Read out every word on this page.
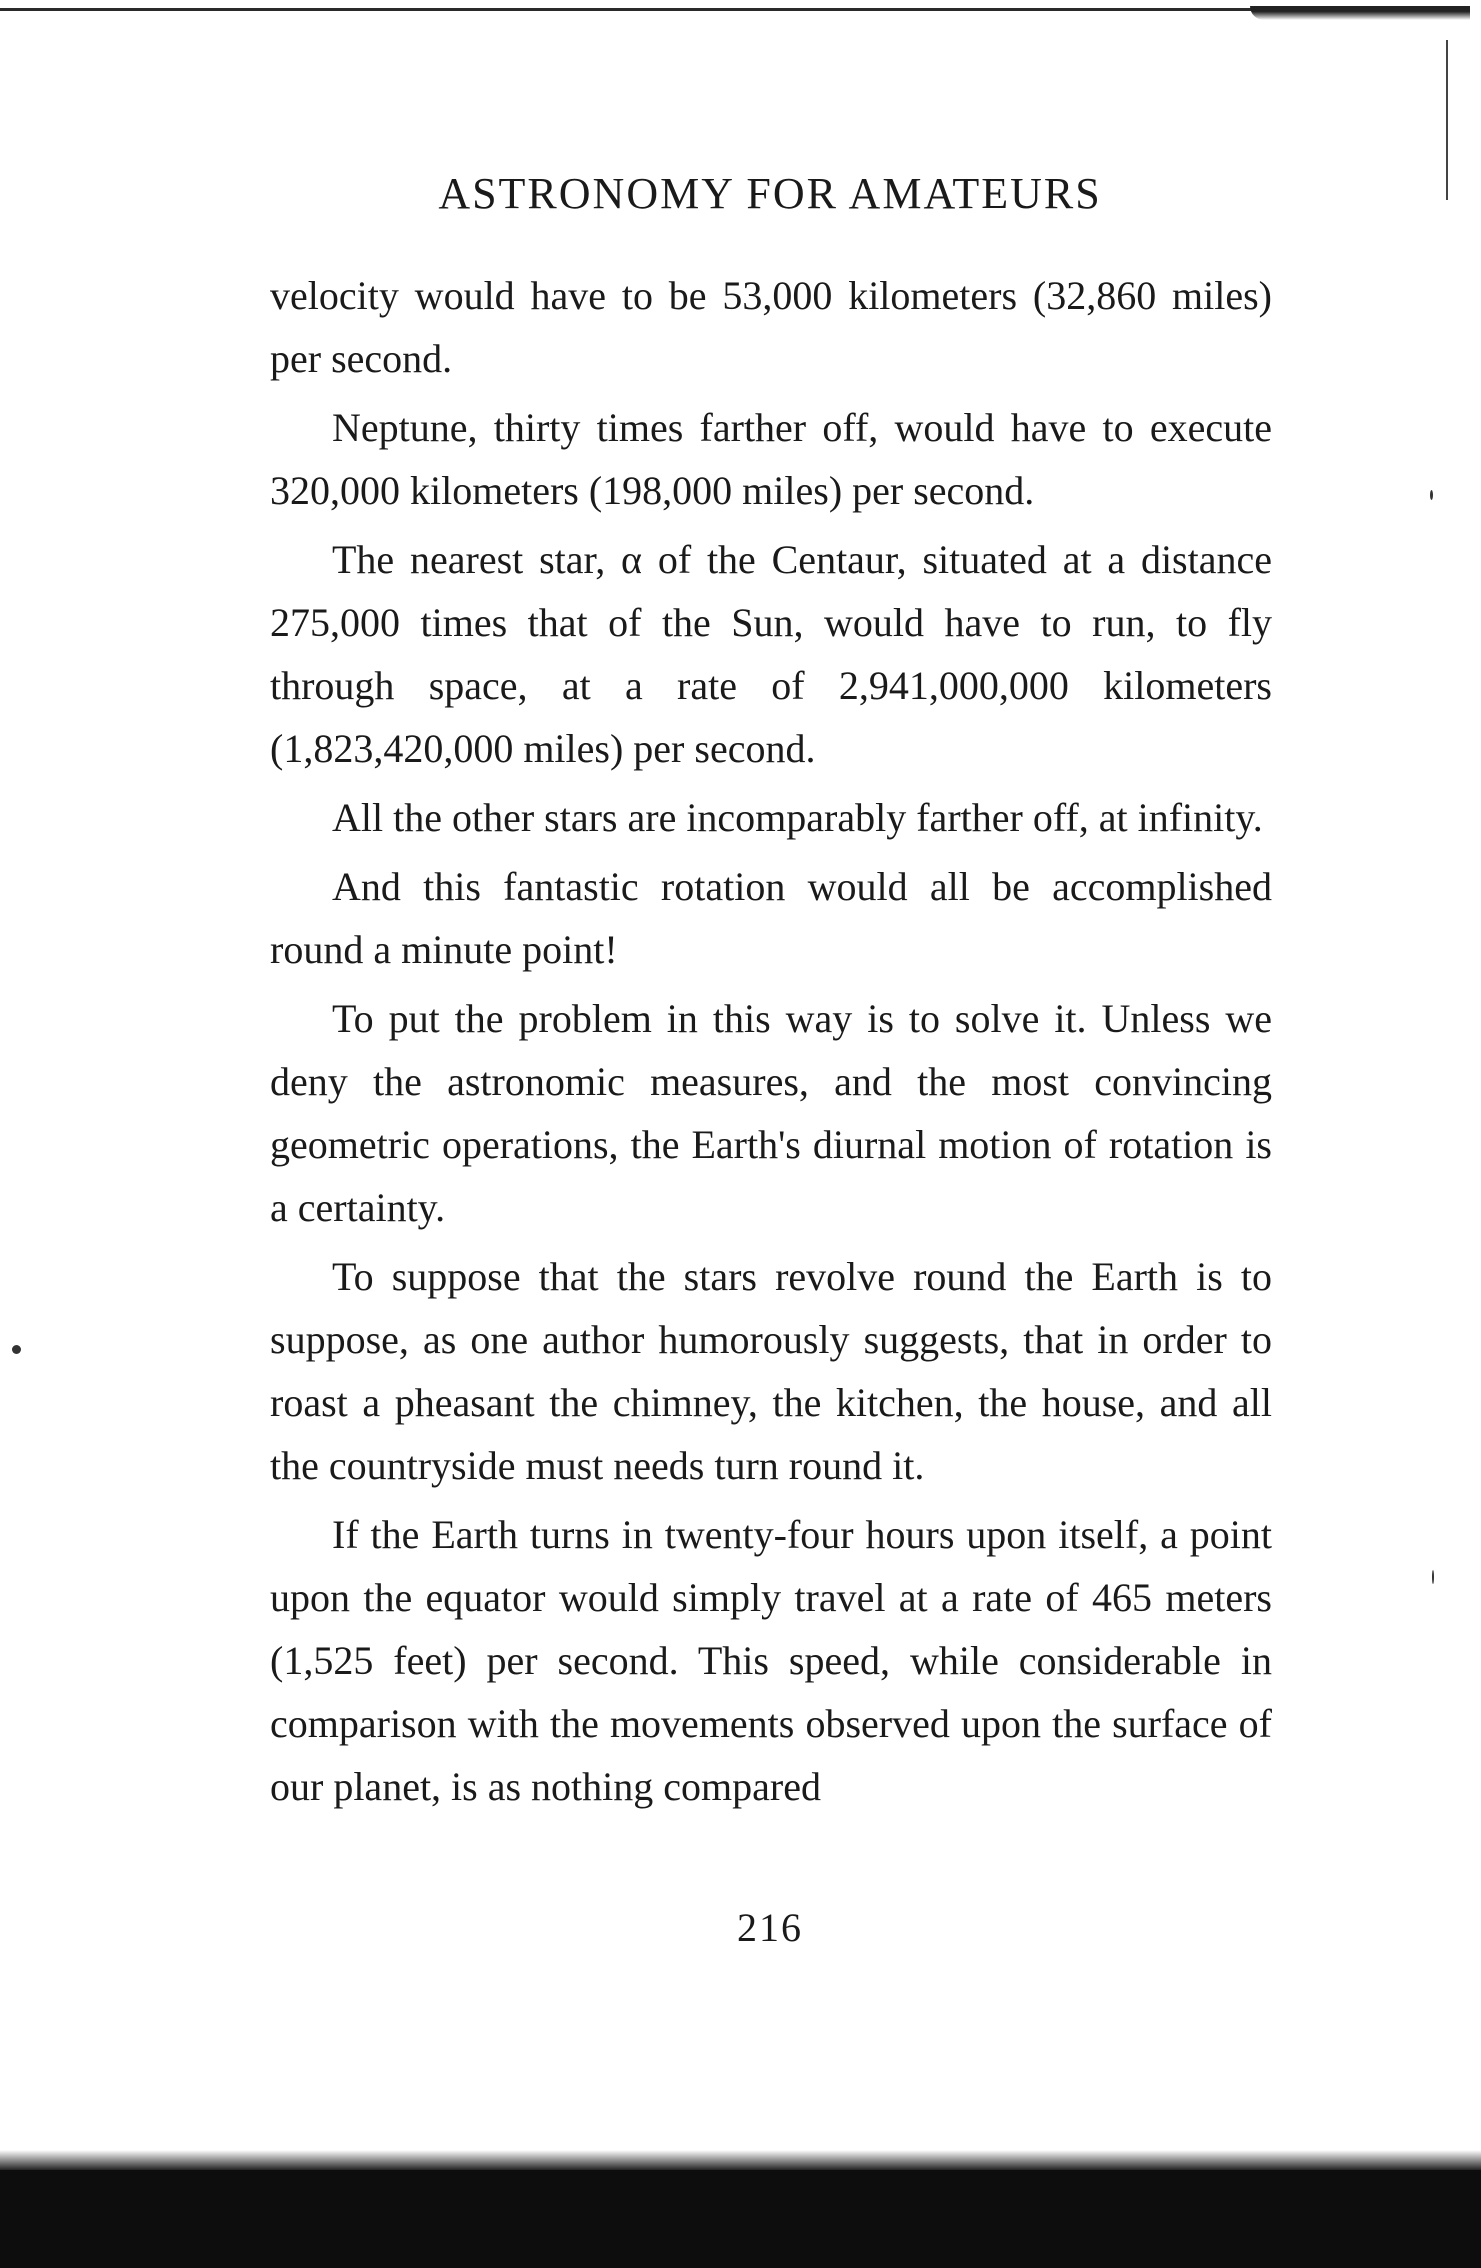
ASTRONOMY FOR AMATEURS

velocity would have to be 53,000 kilometers (32,860 miles) per second.

Neptune, thirty times farther off, would have to execute 320,000 kilometers (198,000 miles) per second.

The nearest star, α of the Centaur, situated at a distance 275,000 times that of the Sun, would have to run, to fly through space, at a rate of 2,941,000,000 kilometers (1,823,420,000 miles) per second.

All the other stars are incomparably farther off, at infinity.

And this fantastic rotation would all be accomplished round a minute point!

To put the problem in this way is to solve it. Unless we deny the astronomic measures, and the most convincing geometric operations, the Earth's diurnal motion of rotation is a certainty.

To suppose that the stars revolve round the Earth is to suppose, as one author humorously suggests, that in order to roast a pheasant the chimney, the kitchen, the house, and all the countryside must needs turn round it.

If the Earth turns in twenty-four hours upon itself, a point upon the equator would simply travel at a rate of 465 meters (1,525 feet) per second. This speed, while considerable in comparison with the movements observed upon the surface of our planet, is as nothing compared

216
